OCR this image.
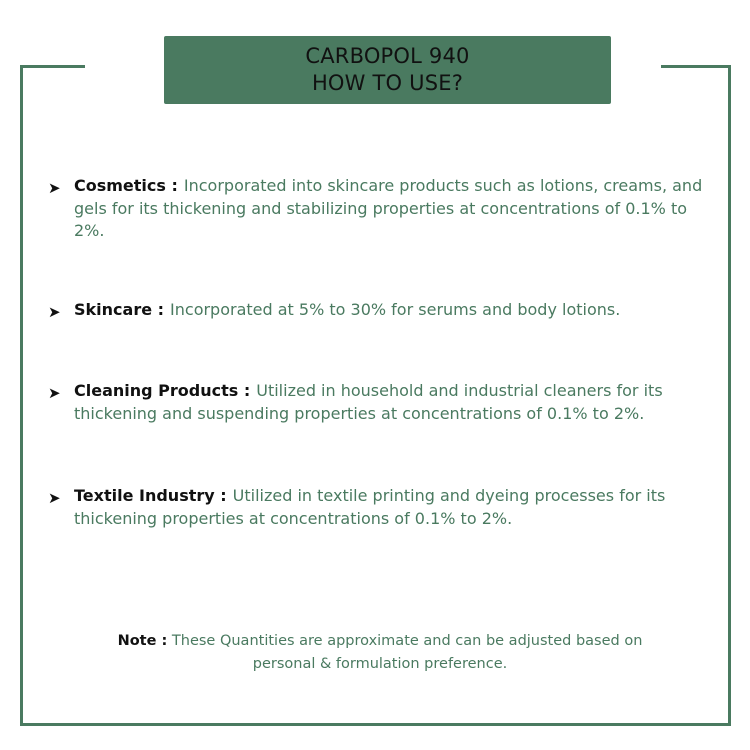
CARBOPOL 940
HOW TO USE?
➤ Cosmetics : Incorporated into skincare products such as lotions, creams, and gels for its thickening and stabilizing properties at concentrations of 0.1% to 2%.
➤ Skincare : Incorporated at 5% to 30% for serums and body lotions.
➤ Cleaning Products : Utilized in household and industrial cleaners for its thickening and suspending properties at concentrations of 0.1% to 2%.
➤ Textile Industry : Utilized in textile printing and dyeing processes for its thickening properties at concentrations of 0.1% to 2%.
Note : These Quantities are approximate and can be adjusted based on personal & formulation preference.
